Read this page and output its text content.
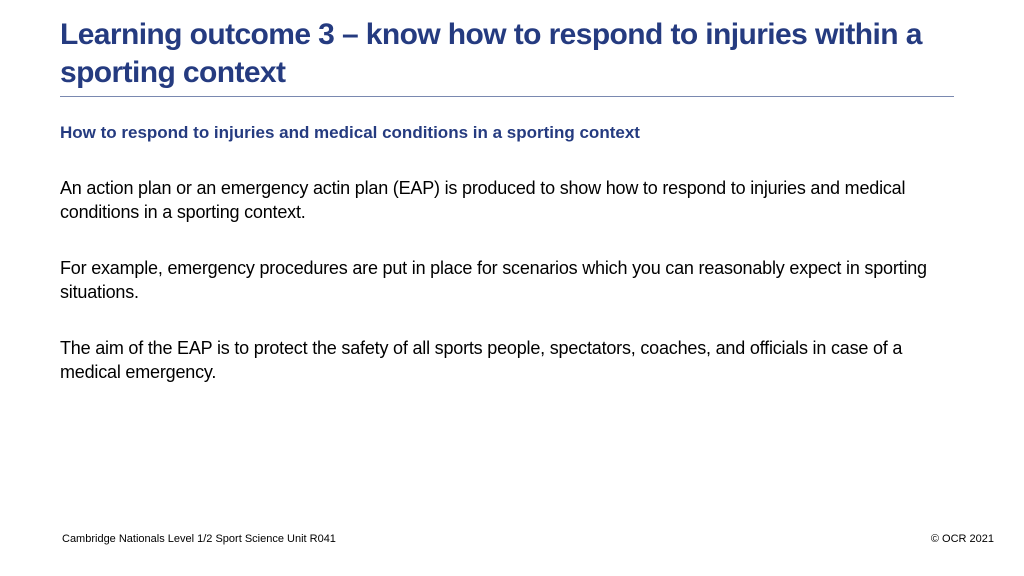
Learning outcome 3 – know how to respond to injuries within a sporting context
How to respond to injuries and medical conditions in a sporting context

An action plan or an emergency actin plan (EAP) is produced to show how to respond to injuries and medical conditions in a sporting context.

For example, emergency procedures are put in place for scenarios which you can reasonably expect in sporting situations.

The aim of the EAP is to protect the safety of all sports people, spectators, coaches, and officials in case of a medical emergency.

Cambridge Nationals Level 1/2 Sport Science Unit R041	© OCR 2021
